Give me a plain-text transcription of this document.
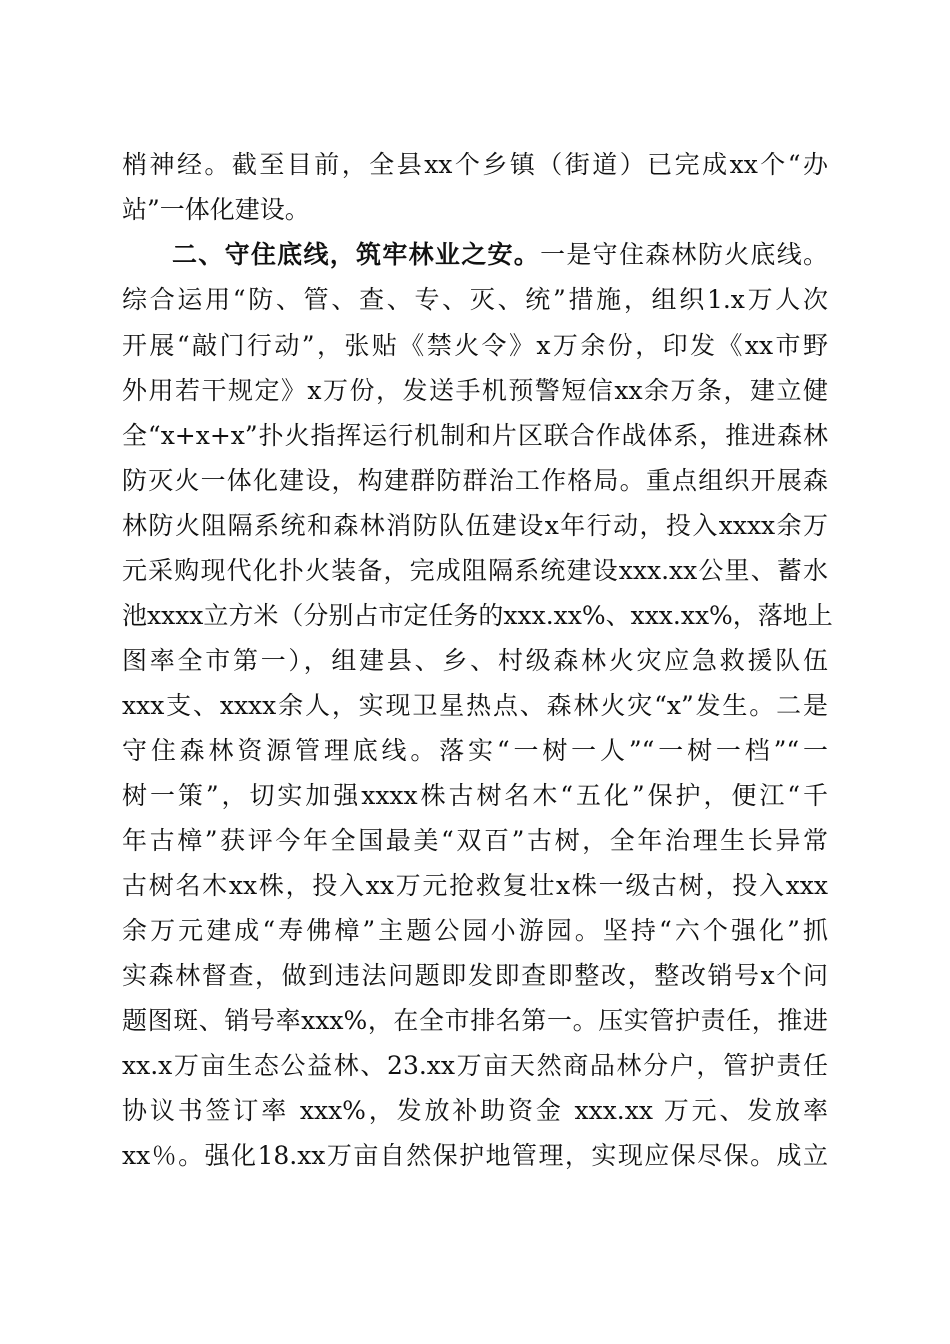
梢神经。截至目前，全县xx个乡镇（街道）已完成xx个“办
站”一体化建设。
二、守住底线，筑牢林业之安。一是守住森林防火底线。
综合运用“防、管、查、专、灭、统”措施，组织1.x万人次
开展“敲门行动”，张贴《禁火令》x万余份，印发《xx市野
外用若干规定》x万份，发送手机预警短信xx余万条，建立健
全“x+x+x”扑火指挥运行机制和片区联合作战体系，推进森林
防灭火一体化建设，构建群防群治工作格局。重点组织开展森
林防火阻隔系统和森林消防队伍建设x年行动，投入xxxx余万
元采购现代化扑火装备，完成阻隔系统建设xxx.xx公里、蓄水
池xxxx立方米（分别占市定任务的xxx.xx%、xxx.xx%，落地上
图率全市第一），组建县、乡、村级森林火灾应急救援队伍
xxx支、xxxx余人，实现卫星热点、森林火灾“x”发生。二是
守住森林资源管理底线。落实“一树一人”“一树一档”“一
树一策”，切实加强xxxx株古树名木“五化”保护，便江“千
年古樟”获评今年全国最美“双百”古树，全年治理生长异常
古树名木xx株，投入xx万元抢救复壮x株一级古树，投入xxx
余万元建成“寿佛樟”主题公园小游园。坚持“六个强化”抓
实森林督查，做到违法问题即发即查即整改，整改销号x个问
题图斑、销号率xxx%，在全市排名第一。压实管护责任，推进
xx.x万亩生态公益林、23.xx万亩天然商品林分户，管护责任
协议书签订率 xxx%，发放补助资金 xxx.xx 万元、发放率
xx％。强化18.xx万亩自然保护地管理，实现应保尽保。成立
